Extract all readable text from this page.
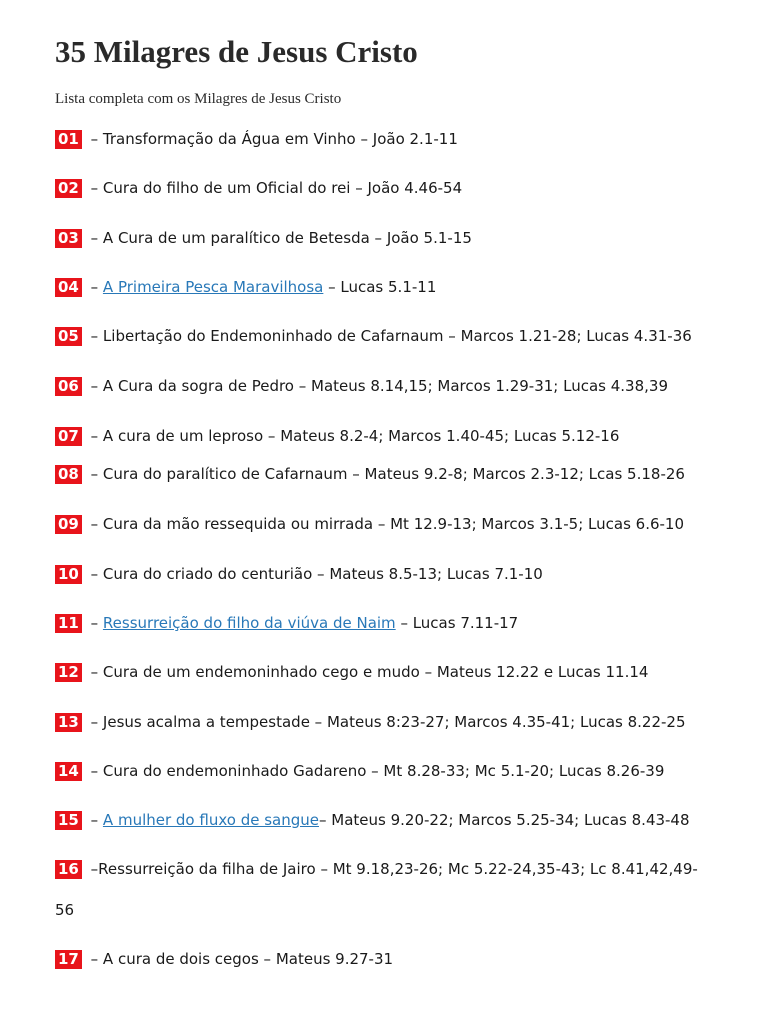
35 Milagres de Jesus Cristo

Lista completa com os Milagres de Jesus Cristo

01 – Transformação da Água em Vinho – João 2.1-11

02 – Cura do filho de um Oficial do rei – João 4.46-54

03 – A Cura de um paralítico de Betesda – João 5.1-15

04 – A Primeira Pesca Maravilhosa – Lucas 5.1-11

05 – Libertação do Endemoninhado de Cafarnaum – Marcos 1.21-28; Lucas 4.31-36

06 – A Cura da sogra de Pedro – Mateus 8.14,15; Marcos 1.29-31; Lucas 4.38,39

07 – A cura de um leproso – Mateus 8.2-4; Marcos 1.40-45; Lucas 5.12-16

08 – Cura do paralítico de Cafarnaum – Mateus 9.2-8; Marcos 2.3-12; Lcas 5.18-26

09 – Cura da mão ressequida ou mirrada – Mt 12.9-13; Marcos 3.1-5; Lucas 6.6-10

10 – Cura do criado do centurião – Mateus 8.5-13; Lucas 7.1-10

11 – Ressurreição do filho da viúva de Naim – Lucas 7.11-17

12 – Cura de um endemoninhado cego e mudo – Mateus 12.22 e Lucas 11.14

13 – Jesus acalma a tempestade – Mateus 8:23-27; Marcos 4.35-41; Lucas 8.22-25

14 – Cura do endemoninhado Gadareno – Mt 8.28-33; Mc 5.1-20; Lucas 8.26-39

15 – A mulher do fluxo de sangue– Mateus 9.20-22; Marcos 5.25-34; Lucas 8.43-48

16 –Ressurreição da filha de Jairo – Mt 9.18,23-26; Mc 5.22-24,35-43; Lc 8.41,42,49-

17 – A cura de dois cegos – Mateus 9.27-31

56
